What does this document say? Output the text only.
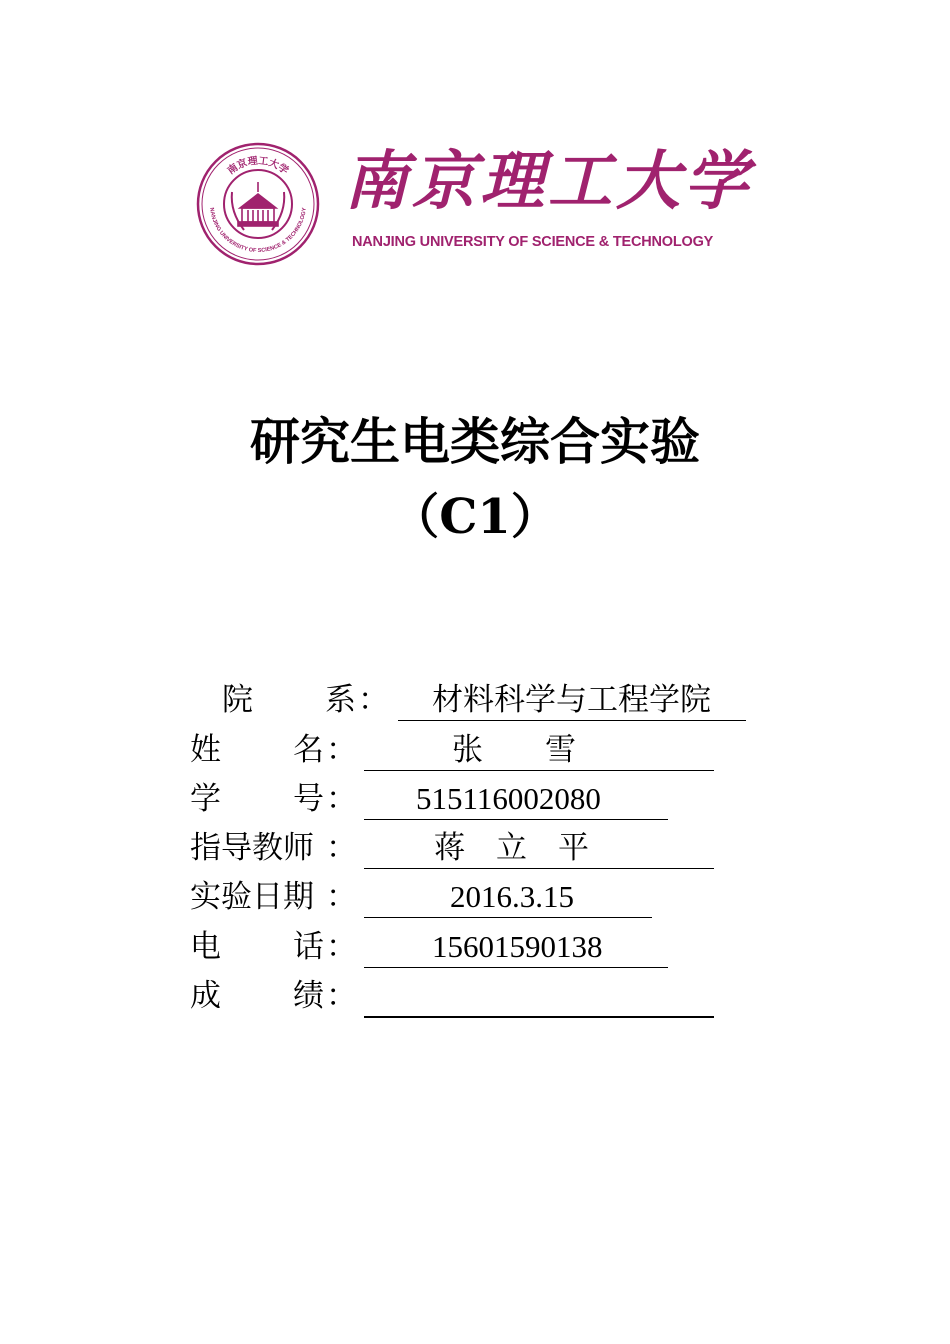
南京理工大学
NANJING UNIVERSITY OF SCIENCE & TECHNOLOGY 南京理工大学
NANJING UNIVERSITY OF SCIENCE & TECHNOLOGY
研究生电类综合实验
（C1）
院 系 ： 材料科学与工程学院
姓 名 ：	张　　雪
学 号 ： 515116002080
指导教师 ： 蒋　立　平
实验日期 ：	2016.3.15
电 话 ： 15601590138
成 绩 ：
